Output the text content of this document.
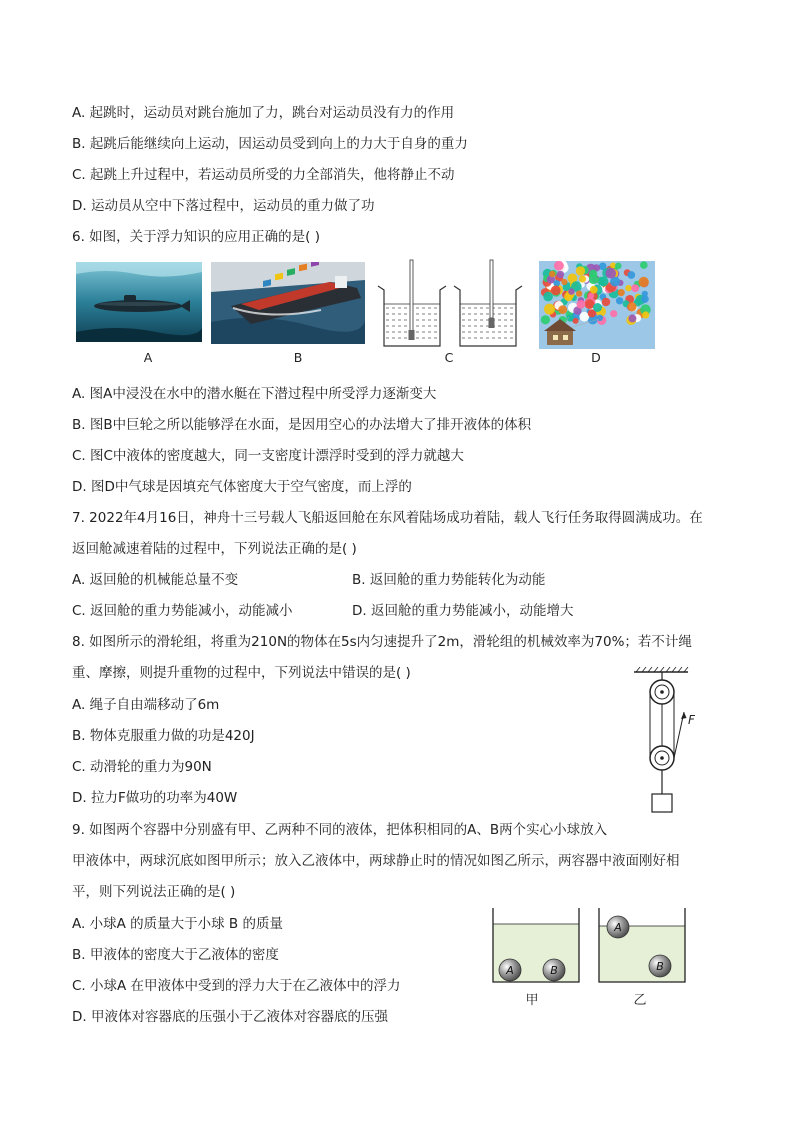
A. 起跳时，运动员对跳台施加了力，跳台对运动员没有力的作用
B. 起跳后能继续向上运动，因运动员受到向上的力大于自身的重力
C. 起跳上升过程中，若运动员所受的力全部消失，他将静止不动
D. 运动员从空中下落过程中，运动员的重力做了功
6. 如图，关于浮力知识的应用正确的是( )
A	B	C	D
A. 图A中浸没在水中的潜水艇在下潜过程中所受浮力逐渐变大
B. 图B中巨轮之所以能够浮在水面，是因用空心的办法增大了排开液体的体积
C. 图C中液体的密度越大，同一支密度计漂浮时受到的浮力就越大
D. 图D中气球是因填充气体密度大于空气密度，而上浮的
7. 2022年4月16日，神舟十三号载人飞船返回舱在东风着陆场成功着陆，载人飞行任务取得圆满成功。在
返回舱减速着陆的过程中，下列说法正确的是( )
A. 返回舱的机械能总量不变	B. 返回舱的重力势能转化为动能
C. 返回舱的重力势能减小，动能减小	D. 返回舱的重力势能减小，动能增大
8. 如图所示的滑轮组，将重为210N的物体在5s内匀速提升了2m，滑轮组的机械效率为70%；若不计绳
重、摩擦，则提升重物的过程中，下列说法中错误的是( )
A. 绳子自由端移动了6m
B. 物体克服重力做的功是420J
C. 动滑轮的重力为90N
D. 拉力F做功的功率为40W
F
9. 如图两个容器中分别盛有甲、乙两种不同的液体，把体积相同的A、B两个实心小球放入
甲液体中，两球沉底如图甲所示；放入乙液体中，两球静止时的情况如图乙所示，两容器中液面刚好相
平，则下列说法正确的是( )
A. 小球A 的质量大于小球 B 的质量
B. 甲液体的密度大于乙液体的密度
C. 小球A 在甲液体中受到的浮力大于在乙液体中的浮力
D. 甲液体对容器底的压强小于乙液体对容器底的压强
A	B
A
B
甲	乙
